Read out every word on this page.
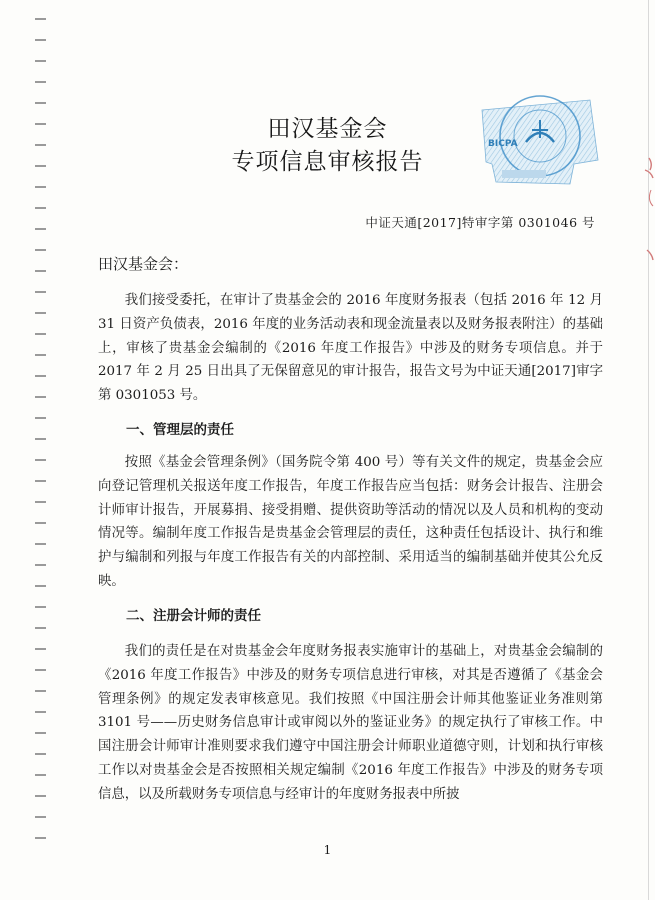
田汉基金会
专项信息审核报告
BICPA
中证天通[2017]特审字第 0301046 号
田汉基金会：
我们接受委托，在审计了贵基金会的 2016 年度财务报表（包括 2016 年 12 月 31 日资产负债表，2016 年度的业务活动表和现金流量表以及财务报表附注）的基础上，审核了贵基金会编制的《2016 年度工作报告》中涉及的财务专项信息。并于 2017 年 2 月 25 日出具了无保留意见的审计报告，报告文号为中证天通[2017]审字第 0301053 号。
一、管理层的责任
按照《基金会管理条例》（国务院令第 400 号）等有关文件的规定，贵基金会应向登记管理机关报送年度工作报告，年度工作报告应当包括：财务会计报告、注册会计师审计报告，开展募捐、接受捐赠、提供资助等活动的情况以及人员和机构的变动情况等。编制年度工作报告是贵基金会管理层的责任，这种责任包括设计、执行和维护与编制和列报与年度工作报告有关的内部控制、采用适当的编制基础并使其公允反映。
二、注册会计师的责任
我们的责任是在对贵基金会年度财务报表实施审计的基础上，对贵基金会编制的《2016 年度工作报告》中涉及的财务专项信息进行审核，对其是否遵循了《基金会管理条例》的规定发表审核意见。我们按照《中国注册会计师其他鉴证业务准则第 3101 号——历史财务信息审计或审阅以外的鉴证业务》的规定执行了审核工作。中国注册会计师审计准则要求我们遵守中国注册会计师职业道德守则，计划和执行审核工作以对贵基金会是否按照相关规定编制《2016 年度工作报告》中涉及的财务专项信息，以及所载财务专项信息与经审计的年度财务报表中所披
1
